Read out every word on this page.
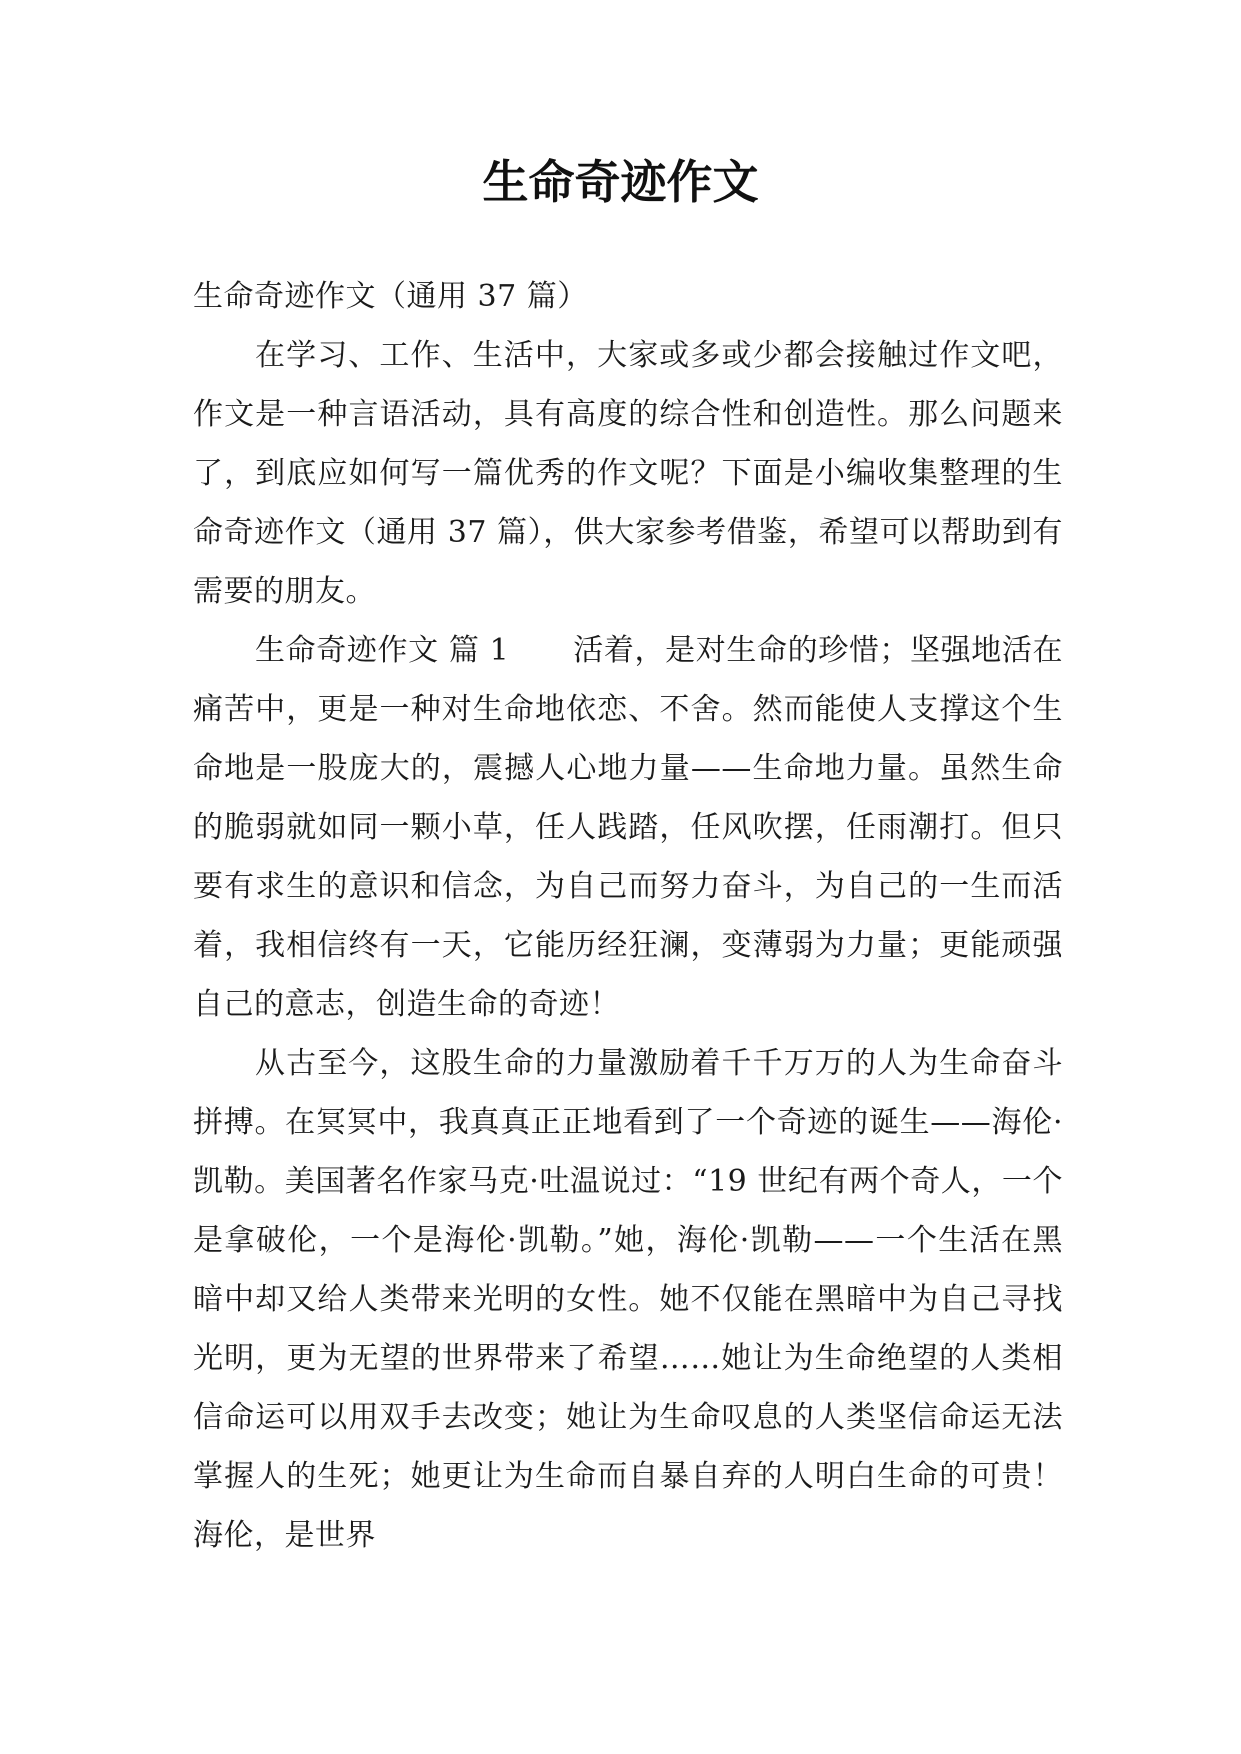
生命奇迹作文

生命奇迹作文（通用 37 篇）

在学习、工作、生活中，大家或多或少都会接触过作文吧，作文是一种言语活动，具有高度的综合性和创造性。那么问题来了，到底应如何写一篇优秀的作文呢？下面是小编收集整理的生命奇迹作文（通用 37 篇），供大家参考借鉴，希望可以帮助到有需要的朋友。

生命奇迹作文 篇 1 活着，是对生命的珍惜；坚强地活在痛苦中，更是一种对生命地依恋、不舍。然而能使人支撑这个生命地是一股庞大的，震撼人心地力量——生命地力量。虽然生命的脆弱就如同一颗小草，任人践踏，任风吹摆，任雨潮打。但只要有求生的意识和信念，为自己而努力奋斗，为自己的一生而活着，我相信终有一天，它能历经狂澜，变薄弱为力量；更能顽强自己的意志，创造生命的奇迹！

从古至今，这股生命的力量激励着千千万万的人为生命奋斗拼搏。在冥冥中，我真真正正地看到了一个奇迹的诞生——海伦·凯勒。美国著名作家马克·吐温说过：“19 世纪有两个奇人，一个是拿破伦，一个是海伦·凯勒。”她，海伦·凯勒——一个生活在黑暗中却又给人类带来光明的女性。她不仅能在黑暗中为自己寻找光明，更为无望的世界带来了希望……她让为生命绝望的人类相信命运可以用双手去改变；她让为生命叹息的人类坚信命运无法掌握人的生死；她更让为生命而自暴自弃的人明白生命的可贵！海伦，是世界
